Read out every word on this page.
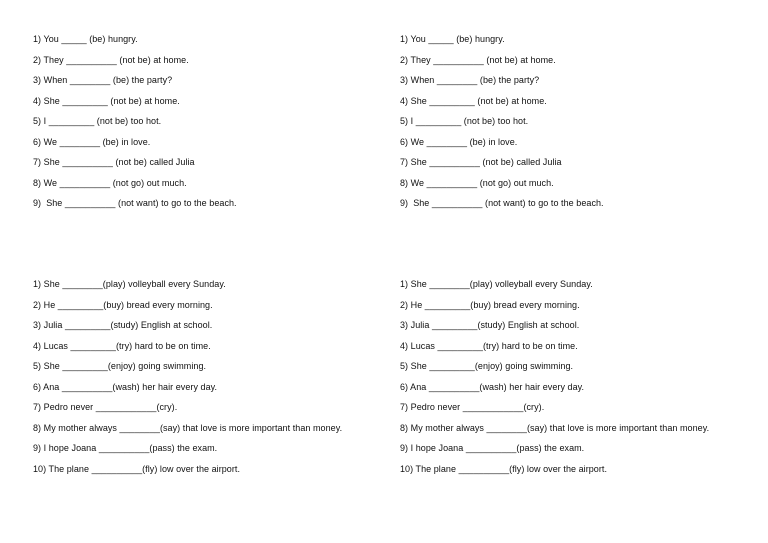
1) You _____ (be) hungry.
2) They __________ (not be) at home.
3) When ________ (be) the party?
4) She _________ (not be) at home.
5) I _________ (not be) too hot.
6) We ________ (be) in love.
7) She __________ (not be) called Julia
8) We __________ (not go) out much.
9)  She __________ (not want) to go to the beach.
1) You _____ (be) hungry.
2) They __________ (not be) at home.
3) When ________ (be) the party?
4) She _________ (not be) at home.
5) I _________ (not be) too hot.
6) We ________ (be) in love.
7) She __________ (not be) called Julia
8) We __________ (not go) out much.
9)  She __________ (not want) to go to the beach.
1) She ________(play) volleyball every Sunday.
2) He _________(buy) bread every morning.
3) Julia _________(study) English at school.
4) Lucas _________(try) hard to be on time.
5) She _________(enjoy) going swimming.
6) Ana __________(wash) her hair every day.
7) Pedro never ____________(cry).
8) My mother always ________(say) that love is more important than money.
9) I hope Joana __________(pass) the exam.
10) The plane __________(fly) low over the airport.
1) She ________(play) volleyball every Sunday.
2) He _________(buy) bread every morning.
3) Julia _________(study) English at school.
4) Lucas _________(try) hard to be on time.
5) She _________(enjoy) going swimming.
6) Ana __________(wash) her hair every day.
7) Pedro never ____________(cry).
8) My mother always ________(say) that love is more important than money.
9) I hope Joana __________(pass) the exam.
10) The plane __________(fly) low over the airport.
